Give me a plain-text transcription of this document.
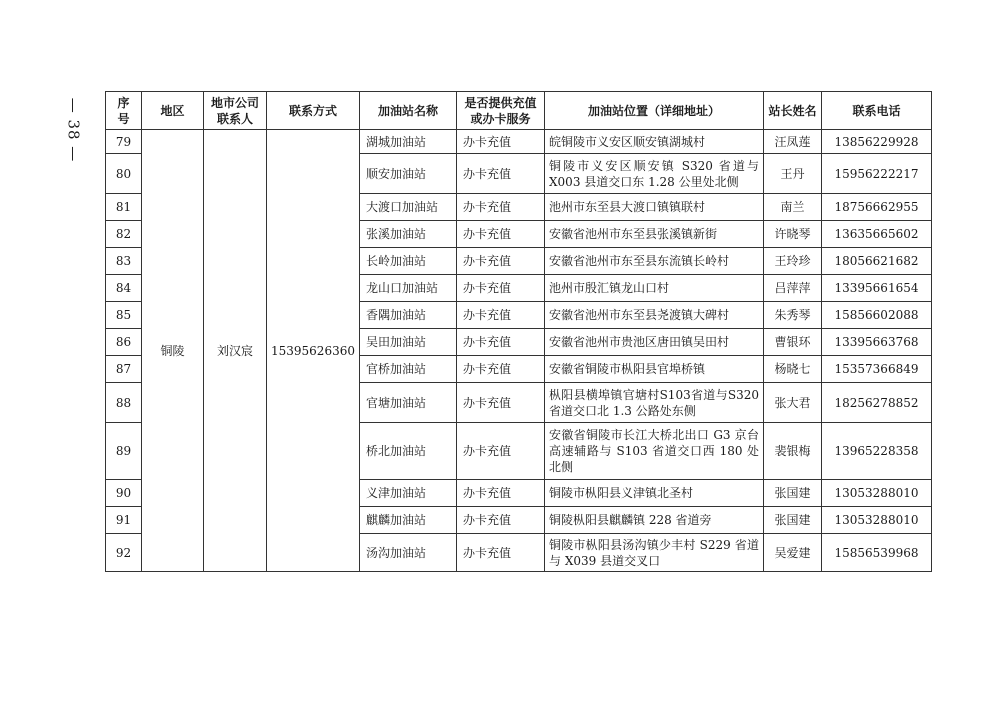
— 38 —	序
号	地区	地市公司联系人	联系方式	加油站名称	是否提供充值或办卡服务	加油站位置（详细地址）	站长姓名	联系电话
79	铜陵	刘汉宸	15395626360	湖城加油站	办卡充值	皖铜陵市义安区顺安镇湖城村	汪凤莲	13856229928
80				顺安加油站	办卡充值	铜陵市义安区顺安镇 S320 省道与X003 县道交口东 1.28 公里处北侧	王丹	15956222217
81				大渡口加油站	办卡充值	池州市东至县大渡口镇镇联村	南兰	18756662955
82				张溪加油站	办卡充值	安徽省池州市东至县张溪镇新街	许晓琴	13635665602
83				长岭加油站	办卡充值	安徽省池州市东至县东流镇长岭村	王玲珍	18056621682
84				龙山口加油站	办卡充值	池州市殷汇镇龙山口村	吕萍萍	13395661654
85				香隅加油站	办卡充值	安徽省池州市东至县尧渡镇大碑村	朱秀琴	15856602088
86				吴田加油站	办卡充值	安徽省池州市贵池区唐田镇吴田村	曹银环	13395663768
87				官桥加油站	办卡充值	安徽省铜陵市枞阳县官埠桥镇	杨晓七	15357366849
88				官塘加油站	办卡充值	枞阳县横埠镇官塘村S103省道与S320省道交口北 1.3 公路处东侧	张大君	18256278852
89				桥北加油站	办卡充值	安徽省铜陵市长江大桥北出口 G3 京台高速辅路与 S103 省道交口西 180 处北侧	裴银梅	13965228358
90				义津加油站	办卡充值	铜陵市枞阳县义津镇北圣村	张国建	13053288010
91				麒麟加油站	办卡充值	铜陵枞阳县麒麟镇 228 省道旁	张国建	13053288010
92				汤沟加油站	办卡充值	铜陵市枞阳县汤沟镇少丰村 S229 省道与 X039 县道交叉口	吴爱建	15856539968
